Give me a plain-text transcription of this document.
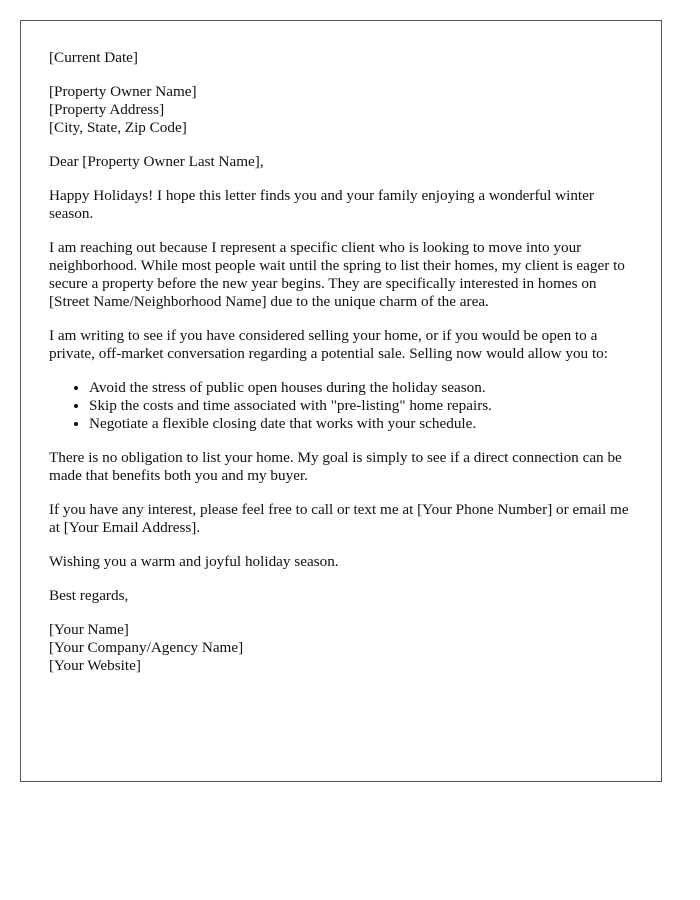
[Current Date]

[Property Owner Name]
[Property Address]
[City, State, Zip Code]

Dear [Property Owner Last Name],

Happy Holidays! I hope this letter finds you and your family enjoying a wonderful winter season.

I am reaching out because I represent a specific client who is looking to move into your neighborhood. While most people wait until the spring to list their homes, my client is eager to secure a property before the new year begins. They are specifically interested in homes on [Street Name/Neighborhood Name] due to the unique charm of the area.

I am writing to see if you have considered selling your home, or if you would be open to a private, off-market conversation regarding a potential sale. Selling now would allow you to:

• Avoid the stress of public open houses during the holiday season.
• Skip the costs and time associated with "pre-listing" home repairs.
• Negotiate a flexible closing date that works with your schedule.

There is no obligation to list your home. My goal is simply to see if a direct connection can be made that benefits both you and my buyer.

If you have any interest, please feel free to call or text me at [Your Phone Number] or email me at [Your Email Address].

Wishing you a warm and joyful holiday season.

Best regards,

[Your Name]
[Your Company/Agency Name]
[Your Website]
